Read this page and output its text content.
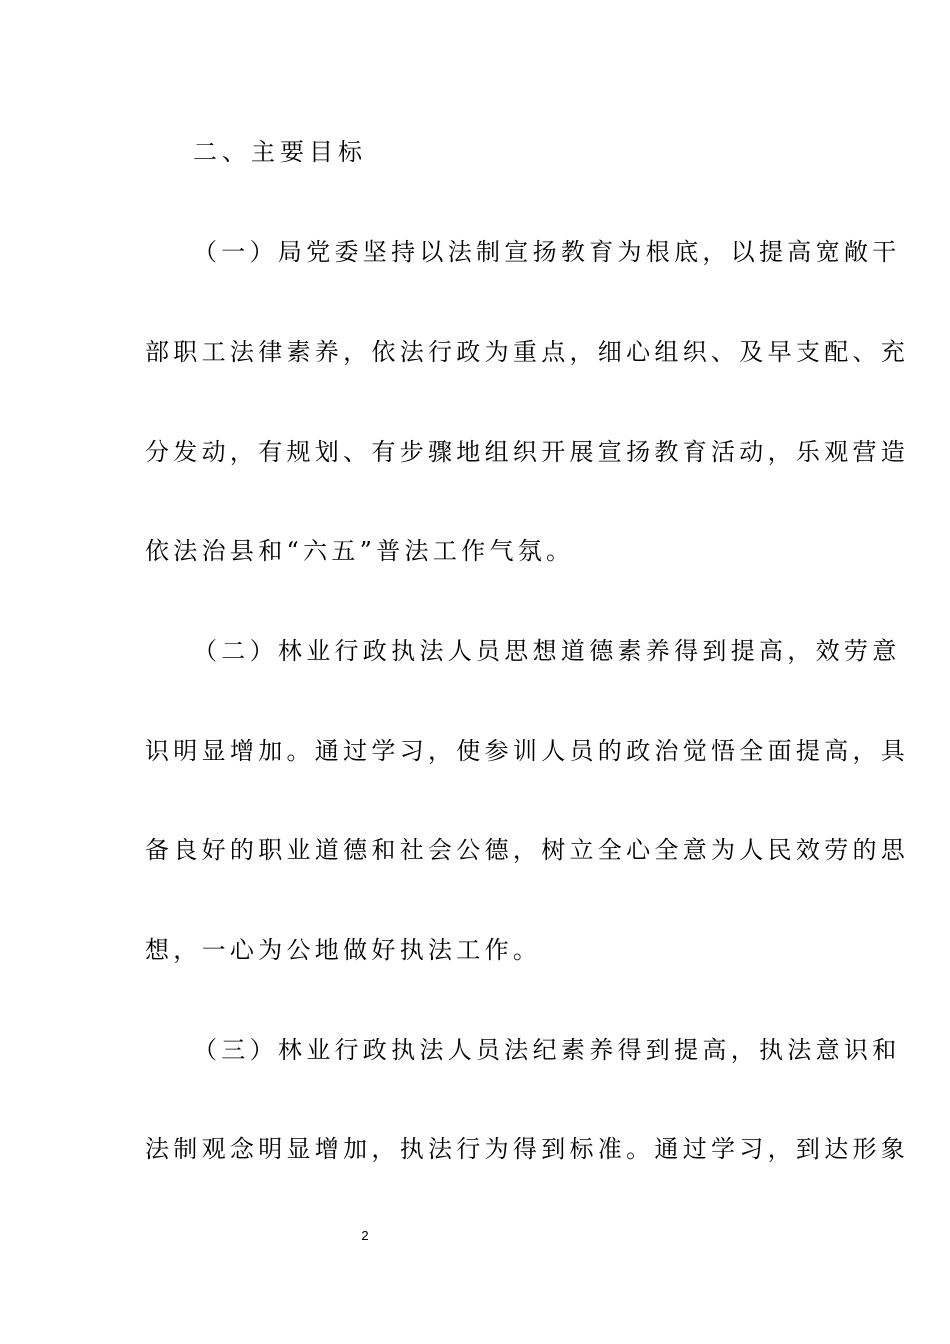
二、主要目标
（一）局党委坚持以法制宣扬教育为根底，以提高宽敞干
部职工法律素养，依法行政为重点，细心组织、及早支配、充
分发动，有规划、有步骤地组织开展宣扬教育活动，乐观营造
依法治县和“六五”普法工作气氛。
（二）林业行政执法人员思想道德素养得到提高，效劳意
识明显增加。通过学习，使参训人员的政治觉悟全面提高，具
备良好的职业道德和社会公德，树立全心全意为人民效劳的思
想，一心为公地做好执法工作。
（三）林业行政执法人员法纪素养得到提高，执法意识和
法制观念明显增加，执法行为得到标准。通过学习，到达形象
2
